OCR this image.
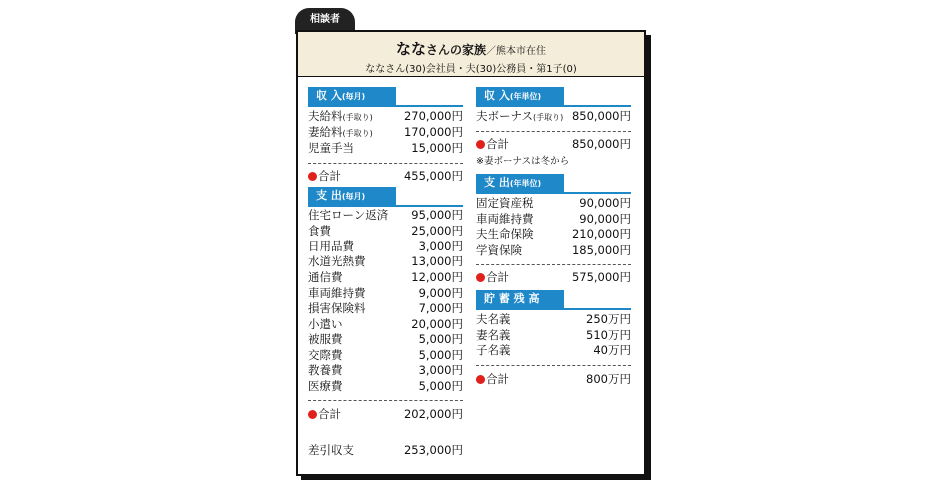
相談者
ななさんの家族／熊本市在住
ななさん(30)会社員・夫(30)公務員・第1子(0)
収 入(毎月)
夫給料(手取り)	270,000円
妻給料(手取り)	170,000円
児童手当	15,000円
合計	455,000円
支 出(毎月)
住宅ローン返済 95,000円
食費	25,000円
日用品費	3,000円
水道光熱費	13,000円
通信費	12,000円
車両維持費	9,000円
損害保険料	7,000円
小遣い	20,000円
被服費	5,000円
交際費	5,000円
教養費	3,000円
医療費	5,000円
合計	202,000円
差引収支	253,000円
収 入(年単位)
夫ボーナス(手取り) 850,000円
合計	850,000円
※妻ボーナスは冬から
支 出(年単位)
固定資産税	90,000円
車両維持費	90,000円
夫生命保険	210,000円
学資保険	185,000円
合計	575,000円
貯 蓄 残 高
夫名義	250万円
妻名義	510万円
子名義	40万円
合計	800万円
